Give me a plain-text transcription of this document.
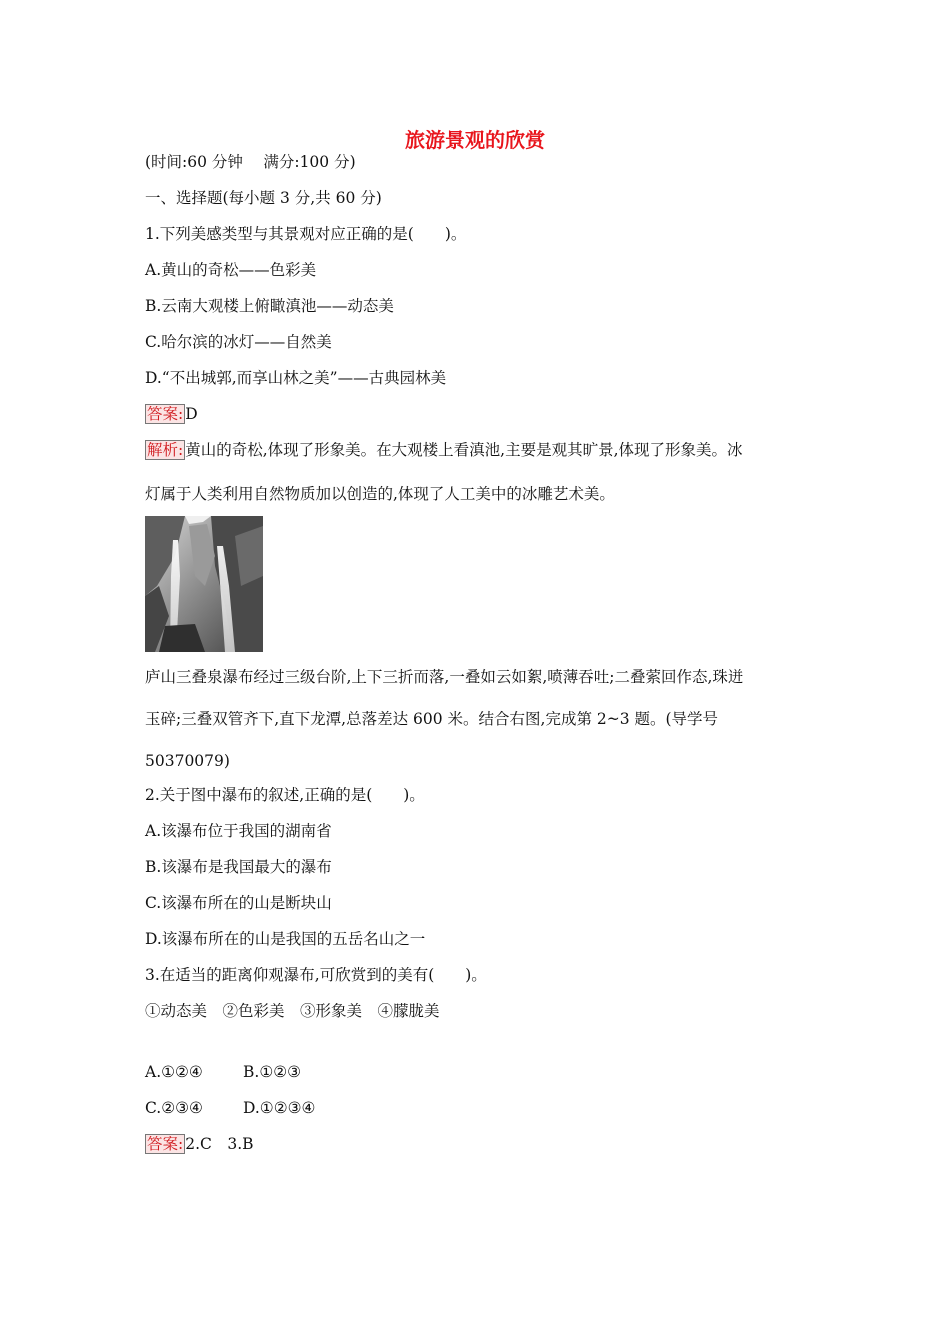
旅游景观的欣赏
(时间:60 分钟　 满分:100 分)
一、选择题(每小题 3 分,共 60 分)
1.下列美感类型与其景观对应正确的是(　　)。
A.黄山的奇松——色彩美
B.云南大观楼上俯瞰滇池——动态美
C.哈尔滨的冰灯——自然美
D.“不出城郭,而享山林之美”——古典园林美
答案: D
解析: 黄山的奇松,体现了形象美。在大观楼上看滇池,主要是观其旷景,体现了形象美。冰
灯属于人类利用自然物质加以创造的,体现了人工美中的冰雕艺术美。
庐山三叠泉瀑布经过三级台阶,上下三折而落,一叠如云如絮,喷薄吞吐;二叠萦回作态,珠迸
玉碎;三叠双管齐下,直下龙潭,总落差达 600 米。结合右图,完成第 2~3 题。(导学号
50370079)
2.关于图中瀑布的叙述,正确的是(　　)。
A.该瀑布位于我国的湖南省
B.该瀑布是我国最大的瀑布
C.该瀑布所在的山是断块山
D.该瀑布所在的山是我国的五岳名山之一
3.在适当的距离仰观瀑布,可欣赏到的美有(　　)。
①动态美　②色彩美　③形象美　④朦胧美
A.①②④	B.①②③
C.②③④	D.①②③④
答案: 2.C　3.B
